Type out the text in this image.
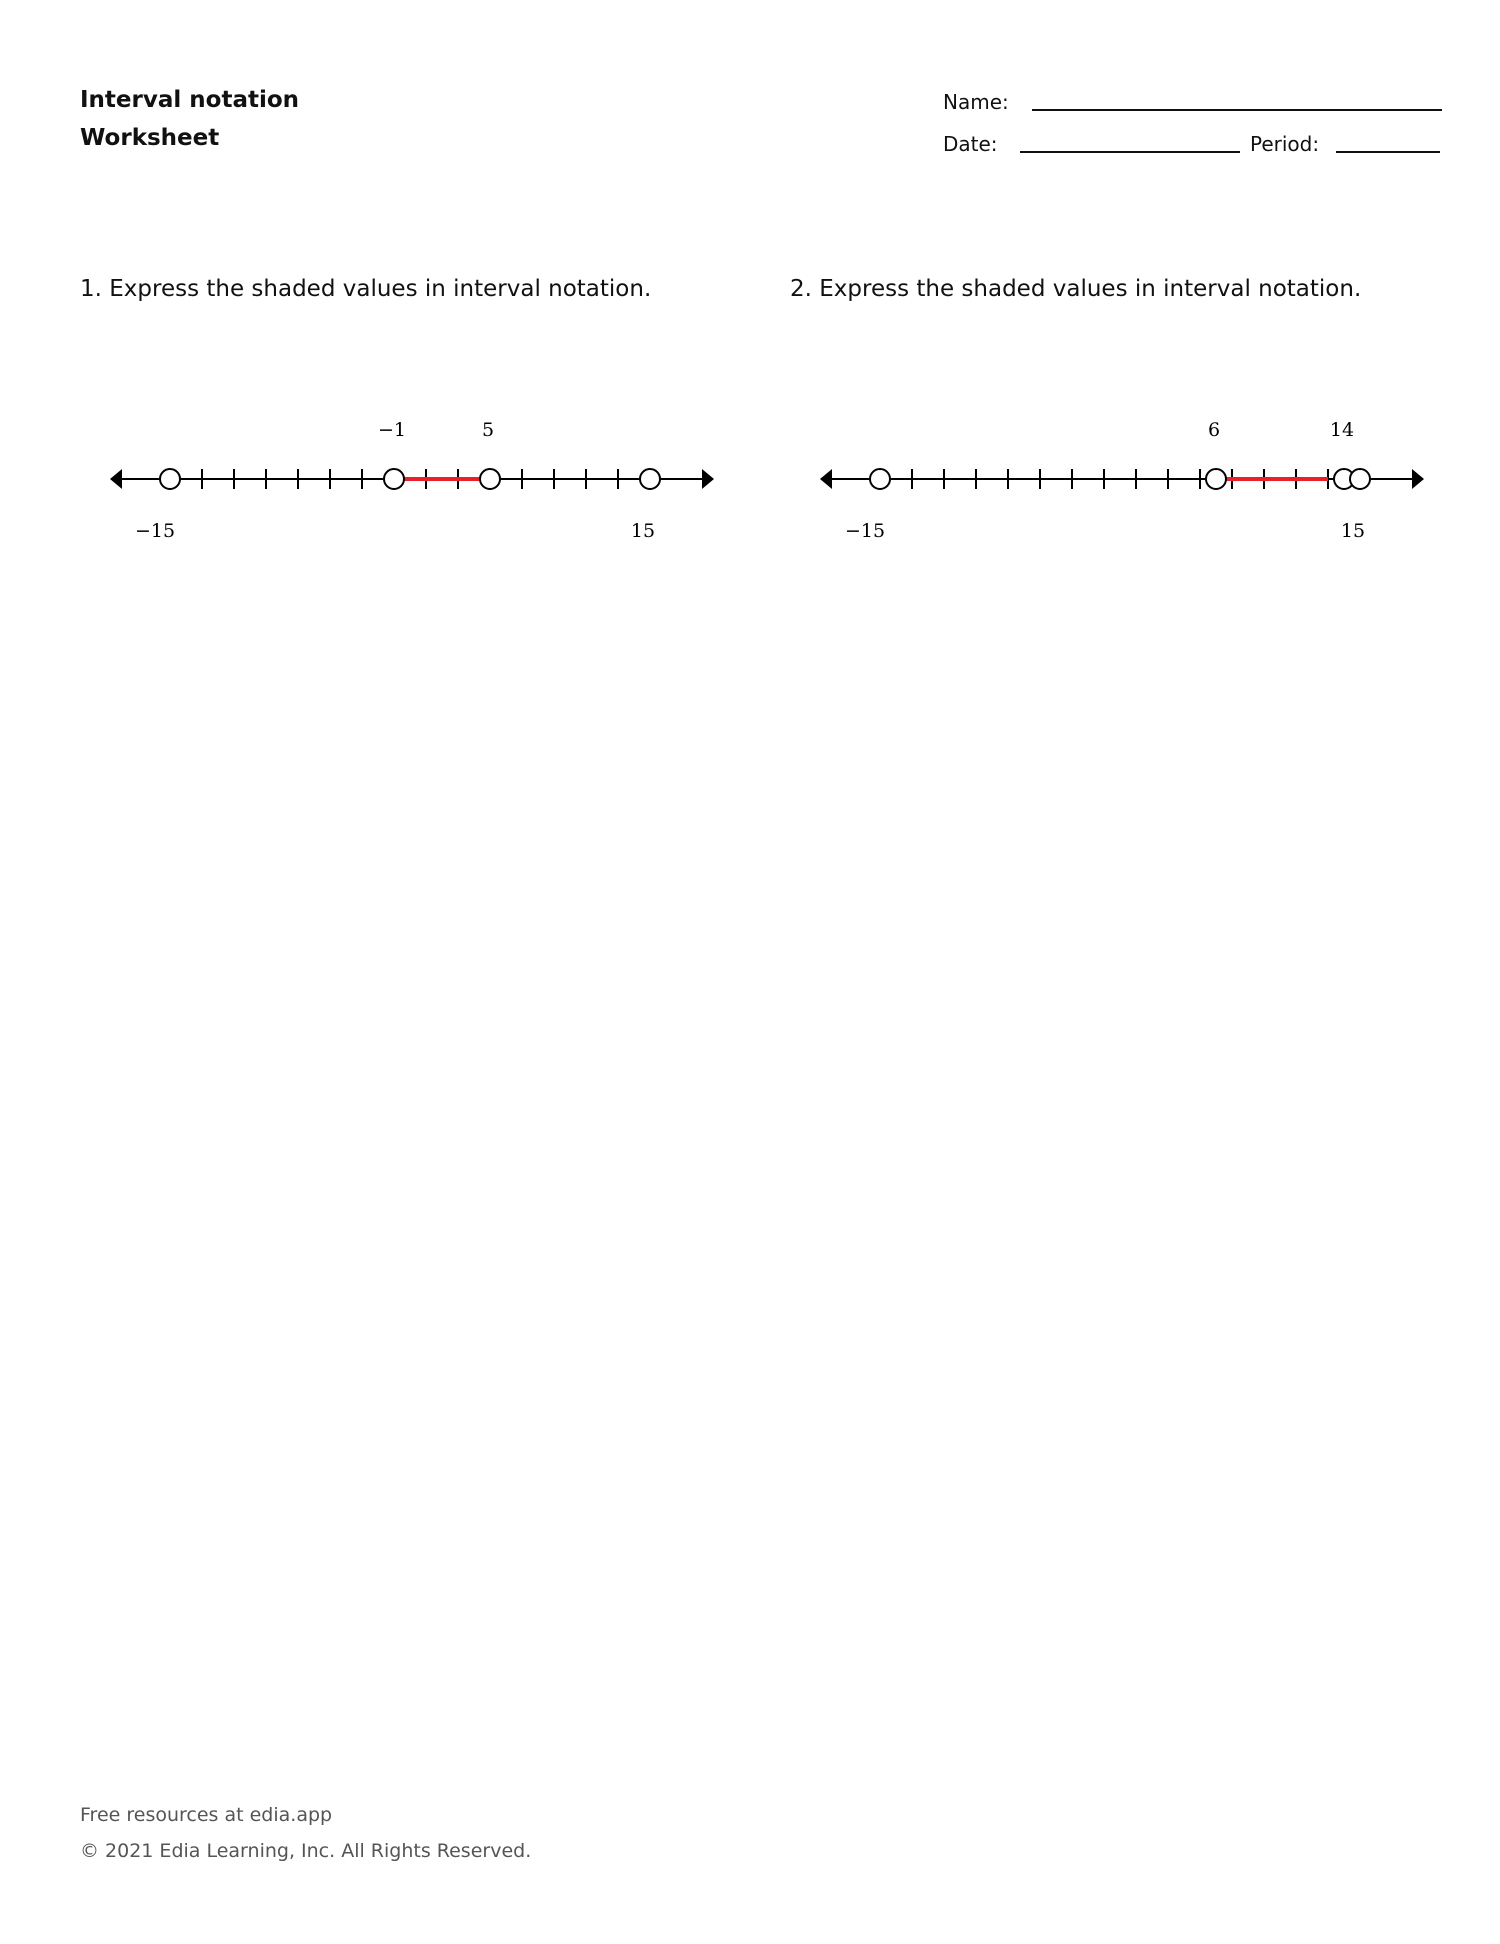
Interval notation
Worksheet
Name:
Date:	Period:
1. Express the shaded values in interval notation.	2. Express the shaded values in interval notation.
−1	5
−15	15
6	14
−15	15
Free resources at edia.app
© 2021 Edia Learning, Inc. All Rights Reserved.
